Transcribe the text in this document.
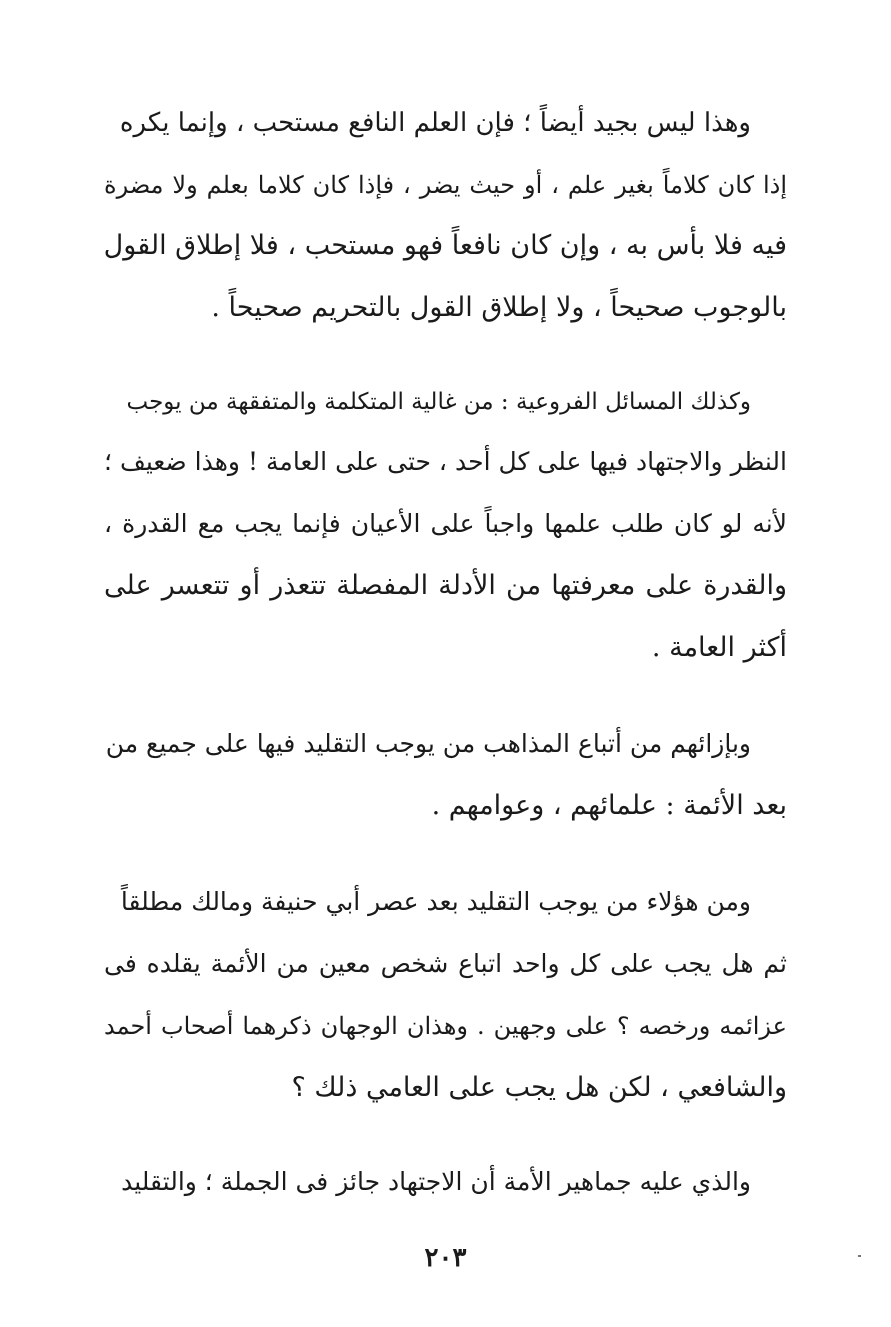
وهذا ليس بجيد أيضاً ؛ فإن العلم النافع مستحب ، وإنما يكره
إذا كان كلاماً بغير علم ، أو حيث يضر ، فإذا كان كلاما بعلم ولا مضرة
فيه فلا بأس به ، وإن كان نافعاً فهو مستحب ، فلا إطلاق القول
بالوجوب صحيحاً ، ولا إطلاق القول بالتحريم صحيحاً .
وكذلك المسائل الفروعية : من غالية المتكلمة والمتفقهة من يوجب
النظر والاجتهاد فيها على كل أحد ، حتى على العامة ! وهذا ضعيف ؛
لأنه لو كان طلب علمها واجباً على الأعيان فإنما يجب مع القدرة ،
والقدرة على معرفتها من الأدلة المفصلة تتعذر أو تتعسر على
أكثر العامة .
وبإزائهم من أتباع المذاهب من يوجب التقليد فيها على جميع من
بعد الأئمة : علمائهم ، وعوامهم .
ومن هؤلاء من يوجب التقليد بعد عصر أبي حنيفة ومالك مطلقاً
ثم هل يجب على كل واحد اتباع شخص معين من الأئمة يقلده فى
عزائمه ورخصه ؟ على وجهين . وهذان الوجهان ذكرهما أصحاب أحمد
والشافعي ، لكن هل يجب على العامي ذلك ؟
والذي عليه جماهير الأمة أن الاجتهاد جائز فى الجملة ؛ والتقليد
٢٠٣
